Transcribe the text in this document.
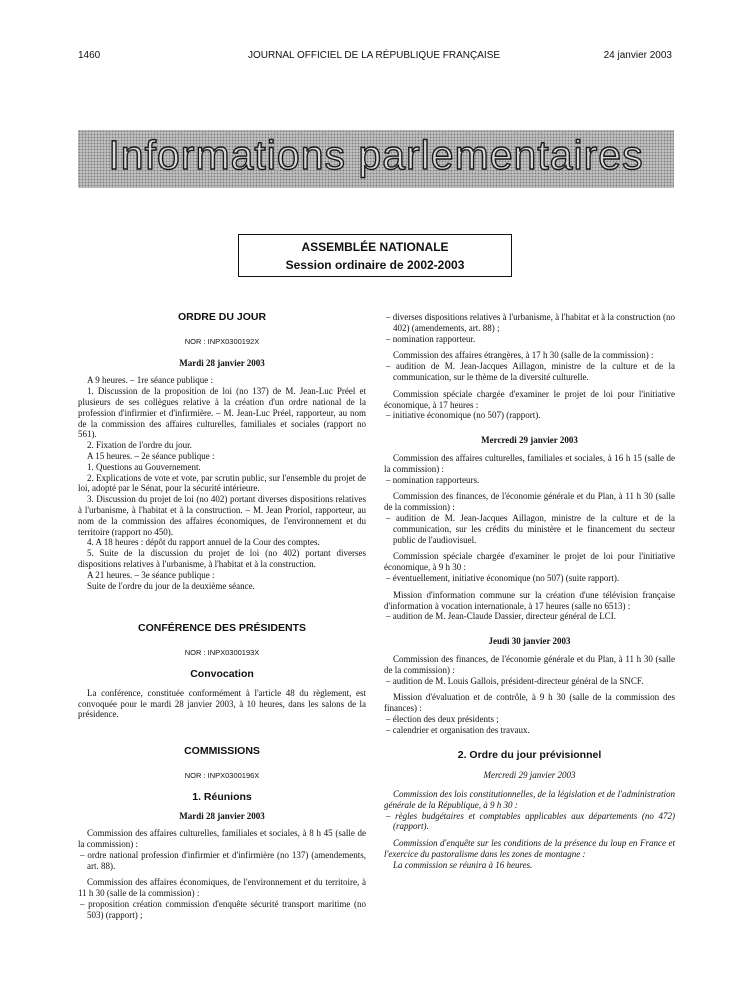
1460	JOURNAL OFFICIEL DE LA RÉPUBLIQUE FRANÇAISE	24 janvier 2003
Informations parlementaires
ASSEMBLÉE NATIONALE
Session ordinaire de 2002-2003
ORDRE DU JOUR
NOR : INPX0300192X
Mardi 28 janvier 2003

A 9 heures. – 1re séance publique :

1. Discussion de la proposition de loi (no 137) de M. Jean-Luc Préel et plusieurs de ses collègues relative à la création d'un ordre national de la profession d'infirmier et d'infirmière. – M. Jean-Luc Préel, rapporteur, au nom de la commission des affaires culturelles, familiales et sociales (rapport no 561).

2. Fixation de l'ordre du jour.

A 15 heures. – 2e séance publique :

1. Questions au Gouvernement.

2. Explications de vote et vote, par scrutin public, sur l'ensemble du projet de loi, adopté par le Sénat, pour la sécurité intérieure.

3. Discussion du projet de loi (no 402) portant diverses dispositions relatives à l'urbanisme, à l'habitat et à la construction. – M. Jean Proriol, rapporteur, au nom de la commission des affaires économiques, de l'environnement et du territoire (rapport no 450).

4. A 18 heures : dépôt du rapport annuel de la Cour des comptes.

5. Suite de la discussion du projet de loi (no 402) portant diverses dispositions relatives à l'urbanisme, à l'habitat et à la construction.

A 21 heures. – 3e séance publique :

Suite de l'ordre du jour de la deuxième séance.

CONFÉRENCE DES PRÉSIDENTS
NOR : INPX0300193X
Convocation

La conférence, constituée conformément à l'article 48 du règlement, est convoquée pour le mardi 28 janvier 2003, à 10 heures, dans les salons de la présidence.

COMMISSIONS
NOR : INPX0300196X
1. Réunions
Mardi 28 janvier 2003

Commission des affaires culturelles, familiales et sociales, à 8 h 45 (salle de la commission) :

– ordre national profession d'infirmier et d'infirmière (no 137) (amendements, art. 88).

Commission des affaires économiques, de l'environnement et du territoire, à 11 h 30 (salle de la commission) :

– proposition création commission d'enquête sécurité transport maritime (no 503) (rapport) ;

– diverses dispositions relatives à l'urbanisme, à l'habitat et à la construction (no 402) (amendements, art. 88) ;

– nomination rapporteur.

Commission des affaires étrangères, à 17 h 30 (salle de la commission) :

– audition de M. Jean-Jacques Aillagon, ministre de la culture et de la communication, sur le thème de la diversité culturelle.

Commission spéciale chargée d'examiner le projet de loi pour l'initiative économique, à 17 heures :

– initiative économique (no 507) (rapport).

Mercredi 29 janvier 2003

Commission des affaires culturelles, familiales et sociales, à 16 h 15 (salle de la commission) :

– nomination rapporteurs.

Commission des finances, de l'économie générale et du Plan, à 11 h 30 (salle de la commission) :

– audition de M. Jean-Jacques Aillagon, ministre de la culture et de la communication, sur les crédits du ministère et le financement du secteur public de l'audiovisuel.

Commission spéciale chargée d'examiner le projet de loi pour l'initiative économique, à 9 h 30 :

– éventuellement, initiative économique (no 507) (suite rapport).

Mission d'information commune sur la création d'une télévision française d'information à vocation internationale, à 17 heures (salle no 6513) :

– audition de M. Jean-Claude Dassier, directeur général de LCI.

Jeudi 30 janvier 2003

Commission des finances, de l'économie générale et du Plan, à 11 h 30 (salle de la commission) :

– audition de M. Louis Gallois, président-directeur général de la SNCF.

Mission d'évaluation et de contrôle, à 9 h 30 (salle de la commission des finances) :

– élection des deux présidents ;

– calendrier et organisation des travaux.

2. Ordre du jour prévisionnel
Mercredi 29 janvier 2003

Commission des lois constitutionnelles, de la législation et de l'administration générale de la République, à 9 h 30 :

– règles budgétaires et comptables applicables aux départements (no 472) (rapport).

Commission d'enquête sur les conditions de la présence du loup en France et l'exercice du pastoralisme dans les zones de montagne :

La commission se réunira à 16 heures.
